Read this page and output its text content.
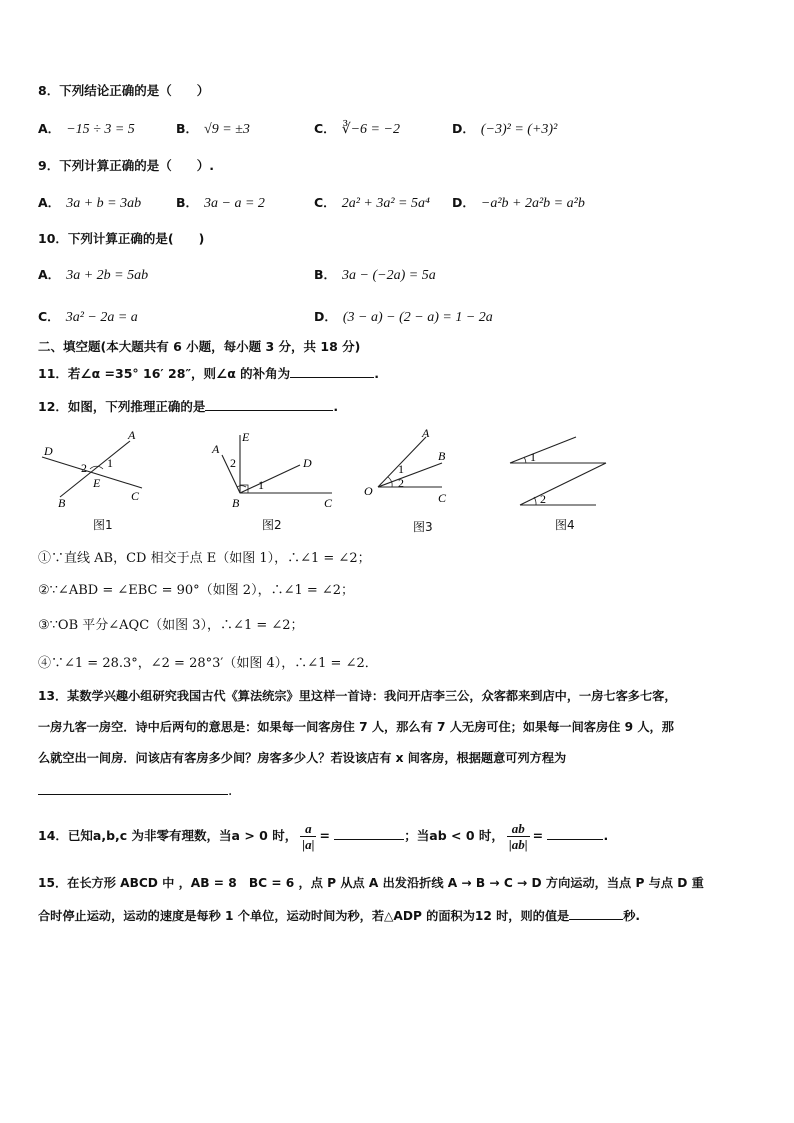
8．下列结论正确的是（　　）
A． −15 ÷ 3 = 5	B． √9 = ±3	C． ∛−6 = −2	D． (−3)² = (+3)²
9．下列计算正确的是（　　）.
A． 3a + b = 3ab	B． 3a − a = 2	C． 2a² + 3a² = 5a⁴ D． −a²b + 2a²b = a²b
10．下列计算正确的是(　　)
A． 3a + 2b = 5ab	B． 3a − (−2a) = 5a
C． 3a² − 2a = a	D． (3 − a) − (2 − a) = 1 − 2a
二、填空题(本大题共有 6 小题，每小题 3 分，共 18 分)
11．若∠α =35° 16′ 28″，则∠α 的补角为	.
12．如图，下列推理正确的是	.
D
A
2 1
E
B	C
图1
E
A
2
1
D
B	C
图2
A
B
C
O
1
2
图3
1
2
图4
①∵直线 AB，CD 相交于点 E（如图 1），∴∠1 = ∠2；
②∵∠ABD = ∠EBC = 90°（如图 2），∴∠1 = ∠2；
③∵OB 平分∠AQC（如图 3），∴∠1 = ∠2；
④∵∠1 = 28.3°，∠2 = 28°3′（如图 4），∴∠1 = ∠2．
13．某数学兴趣小组研究我国古代《算法统宗》里这样一首诗：我问开店李三公，众客都来到店中，一房七客多七客，
一房九客一房空．诗中后两句的意思是：如果每一间客房住 7 人，那么有 7 人无房可住；如果每一间客房住 9 人，那
么就空出一间房．问该店有客房多少间？房客多少人？若设该店有 x 间客房，根据题意可列方程为
.
14．已知a,b,c 为非零有理数，当a > 0 时， $\frac{a}{|a|}$ =	；当ab < 0 时， $\frac{ab}{|ab|}$ =	.
15．在长方形 ABCD 中 ，AB = 8　BC = 6 ，点 P 从点 A 出发沿折线 A → B → C → D 方向运动，当点 P 与点 D 重
合时停止运动，运动的速度是每秒 1 个单位，运动时间为秒，若△ADP 的面积为12 时，则的值是	秒.
